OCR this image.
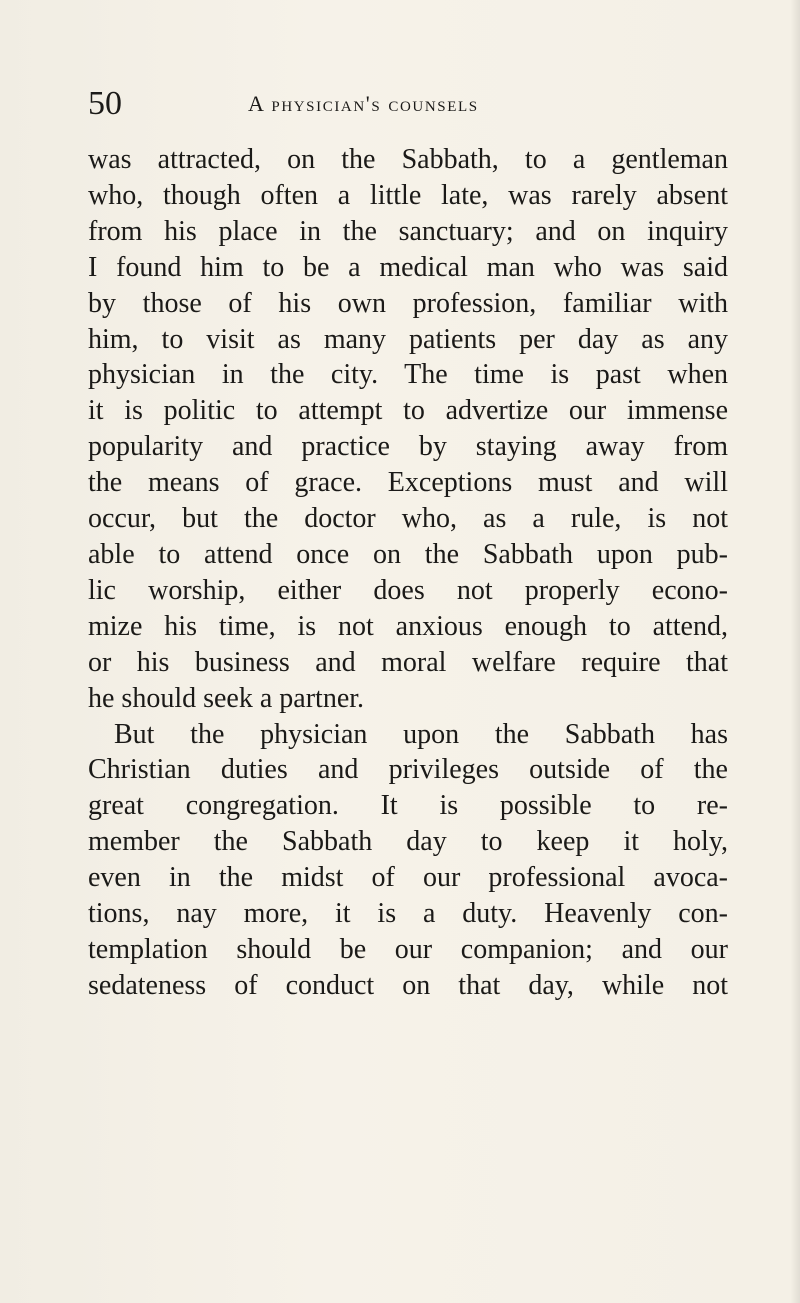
50	A physician's counsels
was attracted, on the Sabbath, to a gentleman
who, though often a little late, was rarely absent
from his place in the sanctuary; and on inquiry
I found him to be a medical man who was said
by those of his own profession, familiar with
him, to visit as many patients per day as any
physician in the city. The time is past when
it is politic to attempt to advertize our immense
popularity and practice by staying away from
the means of grace. Exceptions must and will
occur, but the doctor who, as a rule, is not
able to attend once on the Sabbath upon pub-
lic worship, either does not properly econo-
mize his time, is not anxious enough to attend,
or his business and moral welfare require that
he should seek a partner.
But the physician upon the Sabbath has
Christian duties and privileges outside of the
great congregation. It is possible to re-
member the Sabbath day to keep it holy,
even in the midst of our professional avoca-
tions, nay more, it is a duty. Heavenly con-
templation should be our companion; and our
sedateness of conduct on that day, while not
